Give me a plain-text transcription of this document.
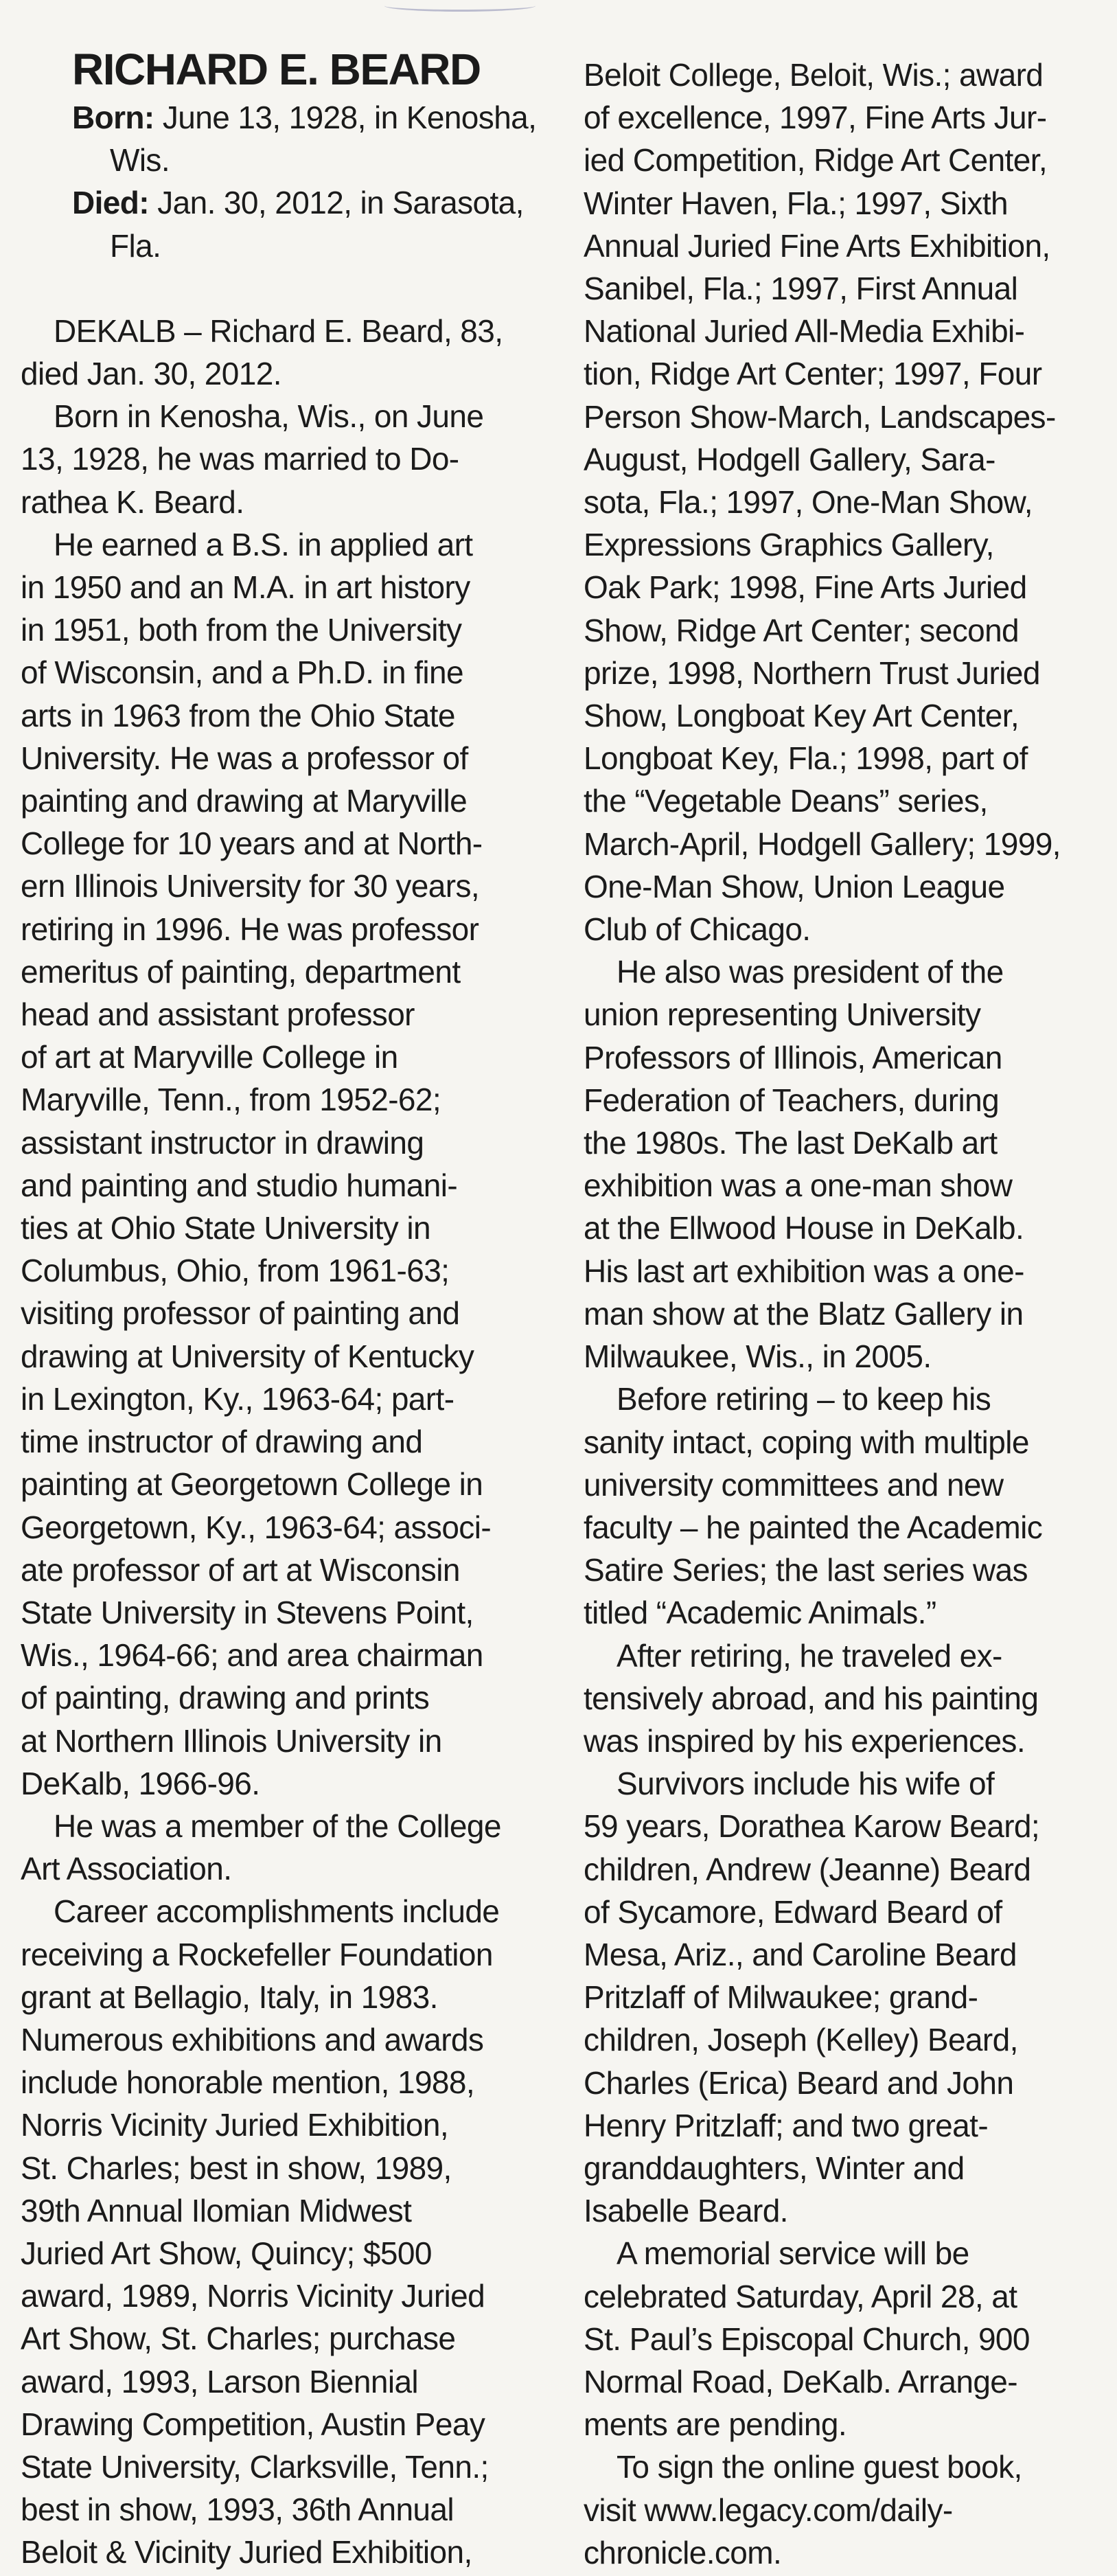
RICHARD E. BEARD
Born: June 13, 1928, in Kenosha,
Wis.
Died: Jan. 30, 2012, in Sarasota,
Fla.
DEKALB – Richard E. Beard, 83,
died Jan. 30, 2012.
Born in Kenosha, Wis., on June
13, 1928, he was married to Do-
rathea K. Beard.
He earned a B.S. in applied art
in 1950 and an M.A. in art history
in 1951, both from the University
of Wisconsin, and a Ph.D. in fine
arts in 1963 from the Ohio State
University. He was a professor of
painting and drawing at Maryville
College for 10 years and at North-
ern Illinois University for 30 years,
retiring in 1996. He was professor
emeritus of painting, department
head and assistant professor
of art at Maryville College in
Maryville, Tenn., from 1952-62;
assistant instructor in drawing
and painting and studio humani-
ties at Ohio State University in
Columbus, Ohio, from 1961-63;
visiting professor of painting and
drawing at University of Kentucky
in Lexington, Ky., 1963-64; part-
time instructor of drawing and
painting at Georgetown College in
Georgetown, Ky., 1963-64; associ-
ate professor of art at Wisconsin
State University in Stevens Point,
Wis., 1964-66; and area chairman
of painting, drawing and prints
at Northern Illinois University in
DeKalb, 1966-96.
He was a member of the College
Art Association.
Career accomplishments include
receiving a Rockefeller Foundation
grant at Bellagio, Italy, in 1983.
Numerous exhibitions and awards
include honorable mention, 1988,
Norris Vicinity Juried Exhibition,
St. Charles; best in show, 1989,
39th Annual Ilomian Midwest
Juried Art Show, Quincy; $500
award, 1989, Norris Vicinity Juried
Art Show, St. Charles; purchase
award, 1993, Larson Biennial
Drawing Competition, Austin Peay
State University, Clarksville, Tenn.;
best in show, 1993, 36th Annual
Beloit & Vicinity Juried Exhibition,
Beloit College, Beloit, Wis.; award
of excellence, 1997, Fine Arts Jur-
ied Competition, Ridge Art Center,
Winter Haven, Fla.; 1997, Sixth
Annual Juried Fine Arts Exhibition,
Sanibel, Fla.; 1997, First Annual
National Juried All-Media Exhibi-
tion, Ridge Art Center; 1997, Four
Person Show-March, Landscapes-
August, Hodgell Gallery, Sara-
sota, Fla.; 1997, One-Man Show,
Expressions Graphics Gallery,
Oak Park; 1998, Fine Arts Juried
Show, Ridge Art Center; second
prize, 1998, Northern Trust Juried
Show, Longboat Key Art Center,
Longboat Key, Fla.; 1998, part of
the “Vegetable Deans” series,
March-April, Hodgell Gallery; 1999,
One-Man Show, Union League
Club of Chicago.
He also was president of the
union representing University
Professors of Illinois, American
Federation of Teachers, during
the 1980s. The last DeKalb art
exhibition was a one-man show
at the Ellwood House in DeKalb.
His last art exhibition was a one-
man show at the Blatz Gallery in
Milwaukee, Wis., in 2005.
Before retiring – to keep his
sanity intact, coping with multiple
university committees and new
faculty – he painted the Academic
Satire Series; the last series was
titled “Academic Animals.”
After retiring, he traveled ex-
tensively abroad, and his painting
was inspired by his experiences.
Survivors include his wife of
59 years, Dorathea Karow Beard;
children, Andrew (Jeanne) Beard
of Sycamore, Edward Beard of
Mesa, Ariz., and Caroline Beard
Pritzlaff of Milwaukee; grand-
children, Joseph (Kelley) Beard,
Charles (Erica) Beard and John
Henry Pritzlaff; and two great-
granddaughters, Winter and
Isabelle Beard.
A memorial service will be
celebrated Saturday, April 28, at
St. Paul’s Episcopal Church, 900
Normal Road, DeKalb. Arrange-
ments are pending.
To sign the online guest book,
visit www.legacy.com/daily-
chronicle.com.
